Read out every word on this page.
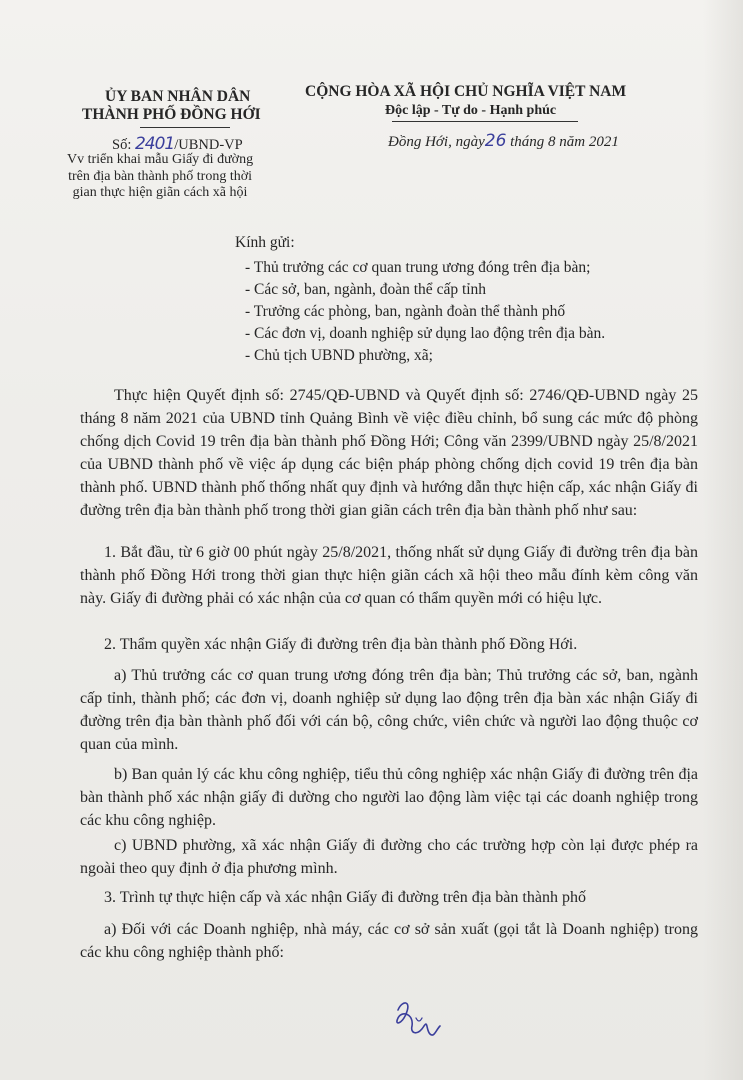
ỦY BAN NHÂN DÂN
THÀNH PHỐ ĐỒNG HỚI
CỘNG HÒA XÃ HỘI CHỦ NGHĨA VIỆT NAM
Độc lập - Tự do - Hạnh phúc
Số: 2401/UBND-VP	Đồng Hới, ngày26 tháng 8 năm 2021
Vv triển khai mẫu Giấy đi đường
trên địa bàn thành phố trong thời
gian thực hiện giãn cách xã hội
Kính gửi:
- Thủ trưởng các cơ quan trung ương đóng trên địa bàn;
- Các sở, ban, ngành, đoàn thể cấp tỉnh
- Trưởng các phòng, ban, ngành đoàn thể thành phố
- Các đơn vị, doanh nghiệp sử dụng lao động trên địa bàn.
- Chủ tịch UBND phường, xã;
Thực hiện Quyết định số: 2745/QĐ-UBND và Quyết định số: 2746/QĐ-UBND ngày 25 tháng 8 năm 2021 của UBND tỉnh Quảng Bình về việc điều chỉnh, bổ sung các mức độ phòng chống dịch Covid 19 trên địa bàn thành phố Đồng Hới; Công văn 2399/UBND ngày 25/8/2021 của UBND thành phố về việc áp dụng các biện pháp phòng chống dịch covid 19 trên địa bàn thành phố. UBND thành phố thống nhất quy định và hướng dẫn thực hiện cấp, xác nhận Giấy đi đường trên địa bàn thành phố trong thời gian giãn cách trên địa bàn thành phố như sau:
1. Bắt đầu, từ 6 giờ 00 phút ngày 25/8/2021, thống nhất sử dụng Giấy đi đường trên địa bàn thành phố Đồng Hới trong thời gian thực hiện giãn cách xã hội theo mẫu đính kèm công văn này. Giấy đi đường phải có xác nhận của cơ quan có thẩm quyền mới có hiệu lực.
2. Thẩm quyền xác nhận Giấy đi đường trên địa bàn thành phố Đồng Hới.
a) Thủ trưởng các cơ quan trung ương đóng trên địa bàn; Thủ trưởng các sở, ban, ngành cấp tỉnh, thành phố; các đơn vị, doanh nghiệp sử dụng lao động trên địa bàn xác nhận Giấy đi đường trên địa bàn thành phố đối với cán bộ, công chức, viên chức và người lao động thuộc cơ quan của mình.
b) Ban quản lý các khu công nghiệp, tiểu thủ công nghiệp xác nhận Giấy đi đường trên địa bàn thành phố xác nhận giấy đi dường cho người lao động làm việc tại các doanh nghiệp trong các khu công nghiệp.
c) UBND phường, xã xác nhận Giấy đi đường cho các trường hợp còn lại được phép ra ngoài theo quy định ở địa phương mình.
3. Trình tự thực hiện cấp và xác nhận Giấy đi đường trên địa bàn thành phố
a) Đối với các Doanh nghiệp, nhà máy, các cơ sở sản xuất (gọi tắt là Doanh nghiệp) trong các khu công nghiệp thành phố:
